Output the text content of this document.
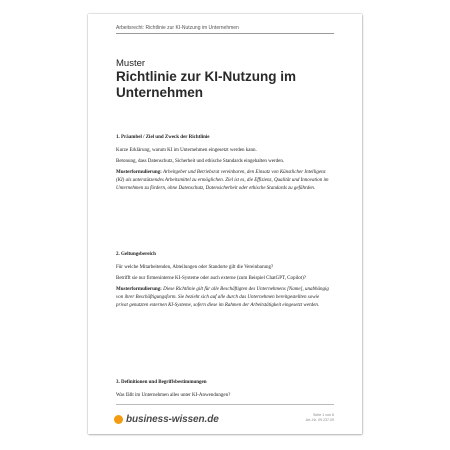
Arbeitsrecht: Richtlinie zur KI-Nutzung im Unternehmen
Muster
Richtlinie zur KI-Nutzung im Unternehmen

1. Präambel / Ziel und Zweck der Richtlinie

Kurze Erklärung, warum KI im Unternehmen eingesetzt werden kann.

Betonung, dass Datenschutz, Sicherheit und ethische Standards eingehalten werden.

Musterformulierung: Arbeitgeber und Betriebsrat vereinbaren, den Einsatz von Künstlicher Intelligenz (KI) als unterstützendes Arbeitsmittel zu ermöglichen. Ziel ist es, die Effizienz, Qualität und Innovation im Unternehmen zu fördern, ohne Datenschutz, Datensicherheit oder ethische Standards zu gefährden.

2. Geltungsbereich

Für welche Mitarbeitenden, Abteilungen oder Standorte gilt die Vereinbarung?

Betrifft sie nur firmeninterne KI-Systeme oder auch externe (zum Beispiel ChatGPT, Copilot)?

Musterformulierung: Diese Richtlinie gilt für alle Beschäftigten des Unternehmens [Name], unabhängig von ihrer Beschäftigungsform. Sie bezieht sich auf alle durch das Unternehmen bereitgestellten sowie privat genutzten externen KI-Systeme, sofern diese im Rahmen der Arbeitstätigkeit eingesetzt werden.

3. Definitionen und Begriffsbestimmungen

Was fällt im Unternehmen alles unter KI-Anwendungen?

business-wissen.de	Seite 1 von 6
Art.-Nr. 09.237.09
